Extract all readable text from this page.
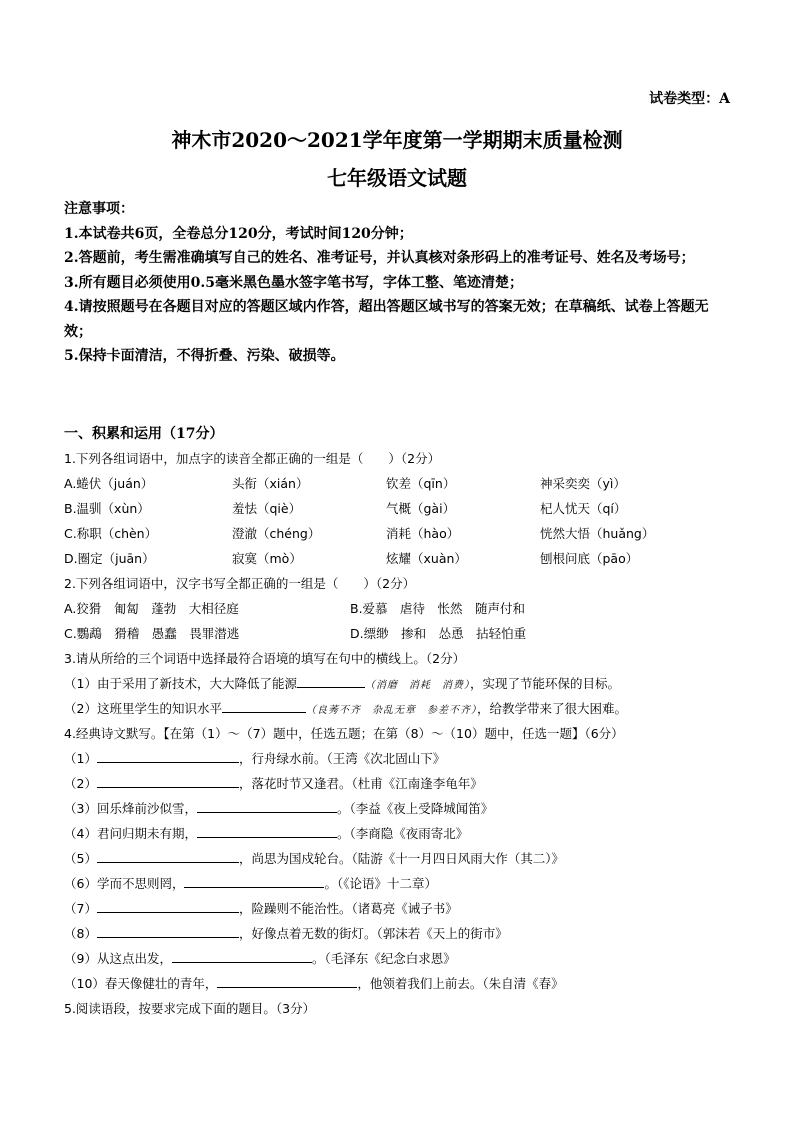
试卷类型：A
神木市2020～2021学年度第一学期期末质量检测
七年级语文试题
注意事项：
1.本试卷共6页，全卷总分120分，考试时间120分钟；
2.答题前，考生需准确填写自己的姓名、准考证号，并认真核对条形码上的准考证号、姓名及考场号；
3.所有题目必须使用0.5毫米黑色墨水签字笔书写，字体工整、笔迹清楚；
4.请按照题号在各题目对应的答题区域内作答，超出答题区域书写的答案无效；在草稿纸、试卷上答题无效；
5.保持卡面清洁，不得折叠、污染、破损等。
一、积累和运用（17分）
1.下列各组词语中，加点字的读音全都正确的一组是（　　）（2分）
A.蜷伏（juán）	头衔（xián）	钦差（qīn）	神采奕奕（yì）
B.温驯（xùn）	羞怯（qiè）	气概（gài）	杞人忧天（qí）
C.称职（chèn）	澄澈（chéng）	消耗（hào）	恍然大悟（huǎng）
D.圈定（juān）	寂寞（mò）	炫耀（xuàn）	刨根问底（pāo）
2.下列各组词语中，汉字书写全都正确的一组是（　　）（2分）
A.狡猾　匍匐　蓬勃　大相径庭	B.爱慕　虐待　怅然　随声付和
C.鸚鵡　猾稽　愚蠢　畏罪潜逃	D.缥缈　掺和　怂恿　拈轻怕重
3.请从所给的三个词语中选择最符合语境的填写在句中的横线上。（2分）
（1）由于采用了新技术，大大降低了能源	（消磨　消耗　消费），实现了节能环保的目标。
（2）这班里学生的知识水平	（良莠不齐　杂乱无章　参差不齐），给教学带来了很大困难。
4.经典诗文默写。【在第（1）～（7）题中，任选五题；在第（8）～（10）题中，任选一题】（6分）
（1）	，行舟绿水前。（王湾《次北固山下》
（2）	，落花时节又逢君。（杜甫《江南逢李龟年》
（3）回乐烽前沙似雪，	。（李益《夜上受降城闻笛》
（4）君问归期未有期，	。（李商隐《夜雨寄北》
（5）	，尚思为国戍轮台。（陆游《十一月四日风雨大作（其二）》
（6）学而不思则罔，	。（《论语》十二章）
（7）	，险躁则不能治性。（诸葛亮《诫子书》
（8）	，好像点着无数的街灯。（郭沫若《天上的街市》
（9）从这点出发，	。（毛泽东《纪念白求恩》
（10）春天像健壮的青年，	，他领着我们上前去。（朱自清《春》
5.阅读语段，按要求完成下面的题目。（3分）
